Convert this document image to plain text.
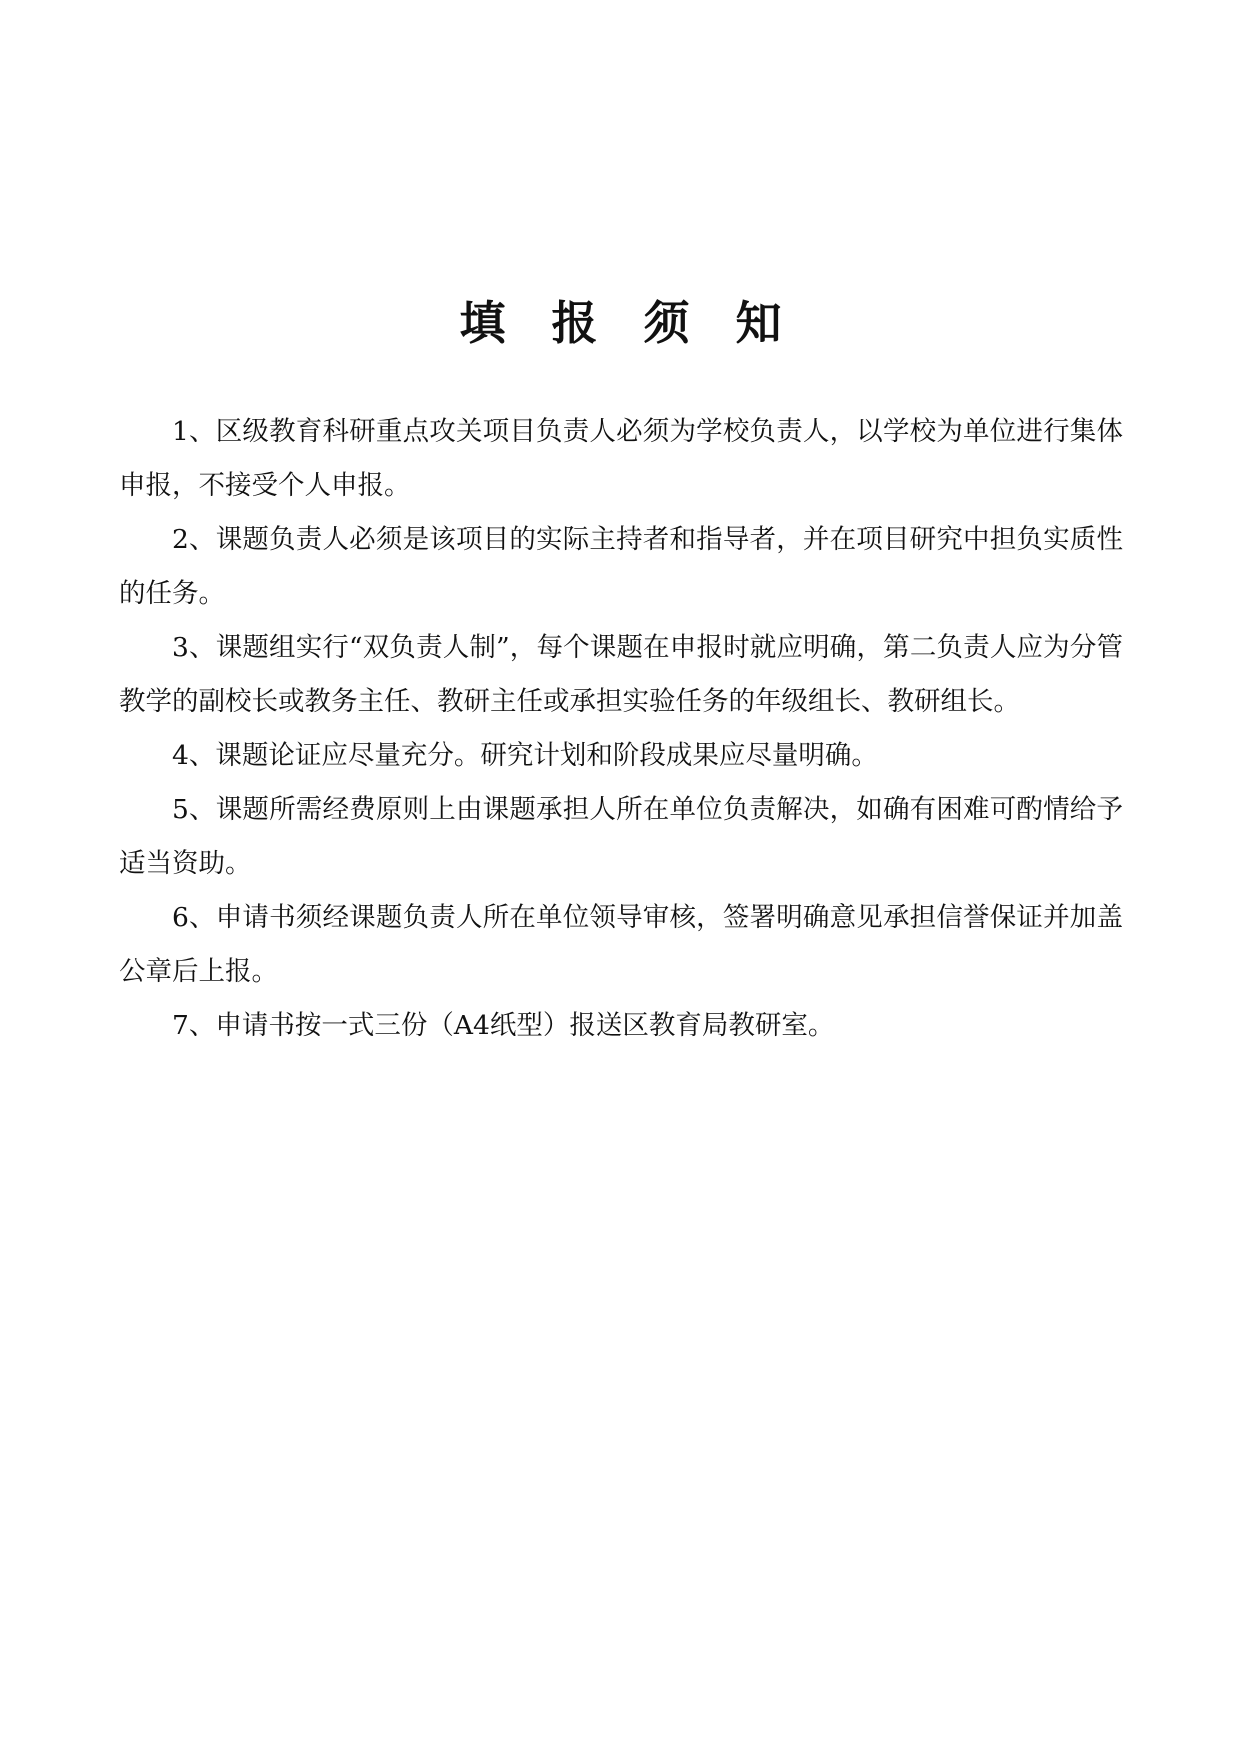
填报须知

1、区级教育科研重点攻关项目负责人必须为学校负责人，以学校为单位进行集体申报，不接受个人申报。

2、课题负责人必须是该项目的实际主持者和指导者，并在项目研究中担负实质性的任务。

3、课题组实行“双负责人制”，每个课题在申报时就应明确，第二负责人应为分管教学的副校长或教务主任、教研主任或承担实验任务的年级组长、教研组长。

4、课题论证应尽量充分。研究计划和阶段成果应尽量明确。

5、课题所需经费原则上由课题承担人所在单位负责解决，如确有困难可酌情给予适当资助。

6、申请书须经课题负责人所在单位领导审核，签署明确意见承担信誉保证并加盖公章后上报。

7、申请书按一式三份（A4纸型）报送区教育局教研室。
